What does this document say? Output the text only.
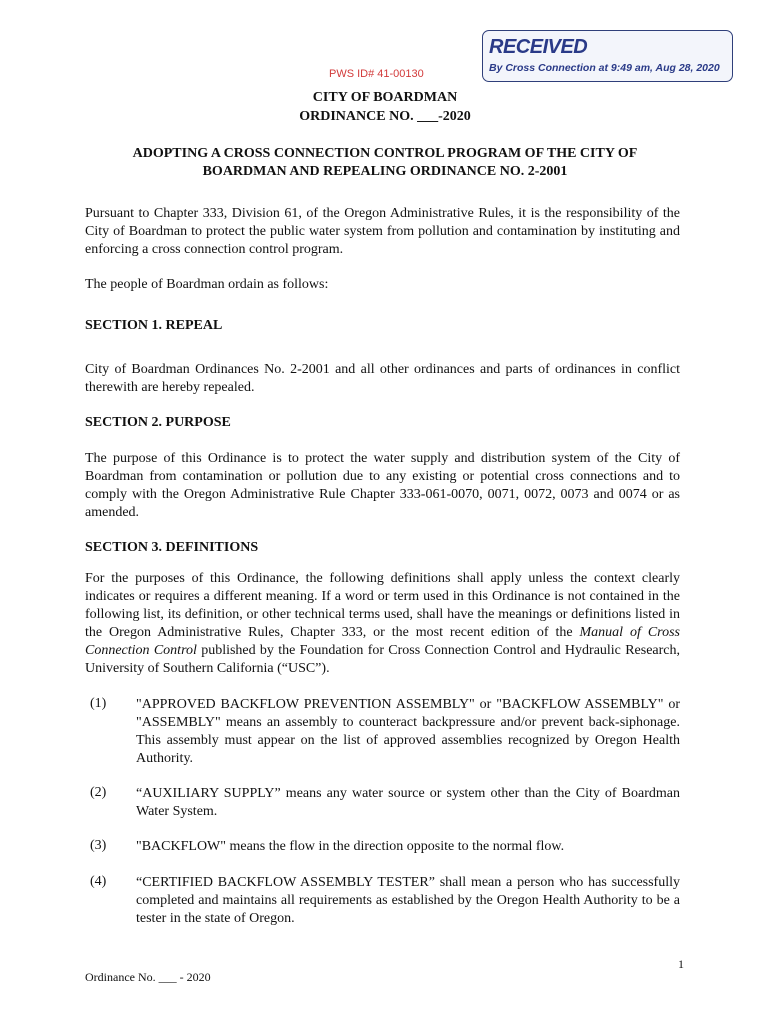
RECEIVED
By Cross Connection at 9:49 am, Aug 28, 2020
PWS ID# 41-00130
CITY OF BOARDMAN
ORDINANCE NO. ___-2020
ADOPTING A CROSS CONNECTION CONTROL PROGRAM OF THE CITY OF
BOARDMAN AND REPEALING ORDINANCE NO. 2-2001

Pursuant to Chapter 333, Division 61, of the Oregon Administrative Rules, it is the responsibility of the City of Boardman to protect the public water system from pollution and contamination by instituting and enforcing a cross connection control program.

The people of Boardman ordain as follows:

SECTION 1. REPEAL

City of Boardman Ordinances No. 2-2001 and all other ordinances and parts of ordinances in conflict therewith are hereby repealed.

SECTION 2. PURPOSE

The purpose of this Ordinance is to protect the water supply and distribution system of the City of Boardman from contamination or pollution due to any existing or potential cross connections and to comply with the Oregon Administrative Rule Chapter 333-061-0070, 0071, 0072, 0073 and 0074 or as amended.

SECTION 3. DEFINITIONS

For the purposes of this Ordinance, the following definitions shall apply unless the context clearly indicates or requires a different meaning. If a word or term used in this Ordinance is not contained in the following list, its definition, or other technical terms used, shall have the meanings or definitions listed in the Oregon Administrative Rules, Chapter 333, or the most recent edition of the Manual of Cross Connection Control published by the Foundation for Cross Connection Control and Hydraulic Research, University of Southern California (“USC”).

(1) "APPROVED BACKFLOW PREVENTION ASSEMBLY" or "BACKFLOW ASSEMBLY" or "ASSEMBLY" means an assembly to counteract backpressure and/or prevent back-siphonage. This assembly must appear on the list of approved assemblies recognized by Oregon Health Authority.

(2) “AUXILIARY SUPPLY” means any water source or system other than the City of Boardman Water System.

(3) "BACKFLOW" means the flow in the direction opposite to the normal flow.

(4) “CERTIFIED BACKFLOW ASSEMBLY TESTER” shall mean a person who has successfully completed and maintains all requirements as established by the Oregon Health Authority to be a tester in the state of Oregon.

1
Ordinance No. ___ - 2020
